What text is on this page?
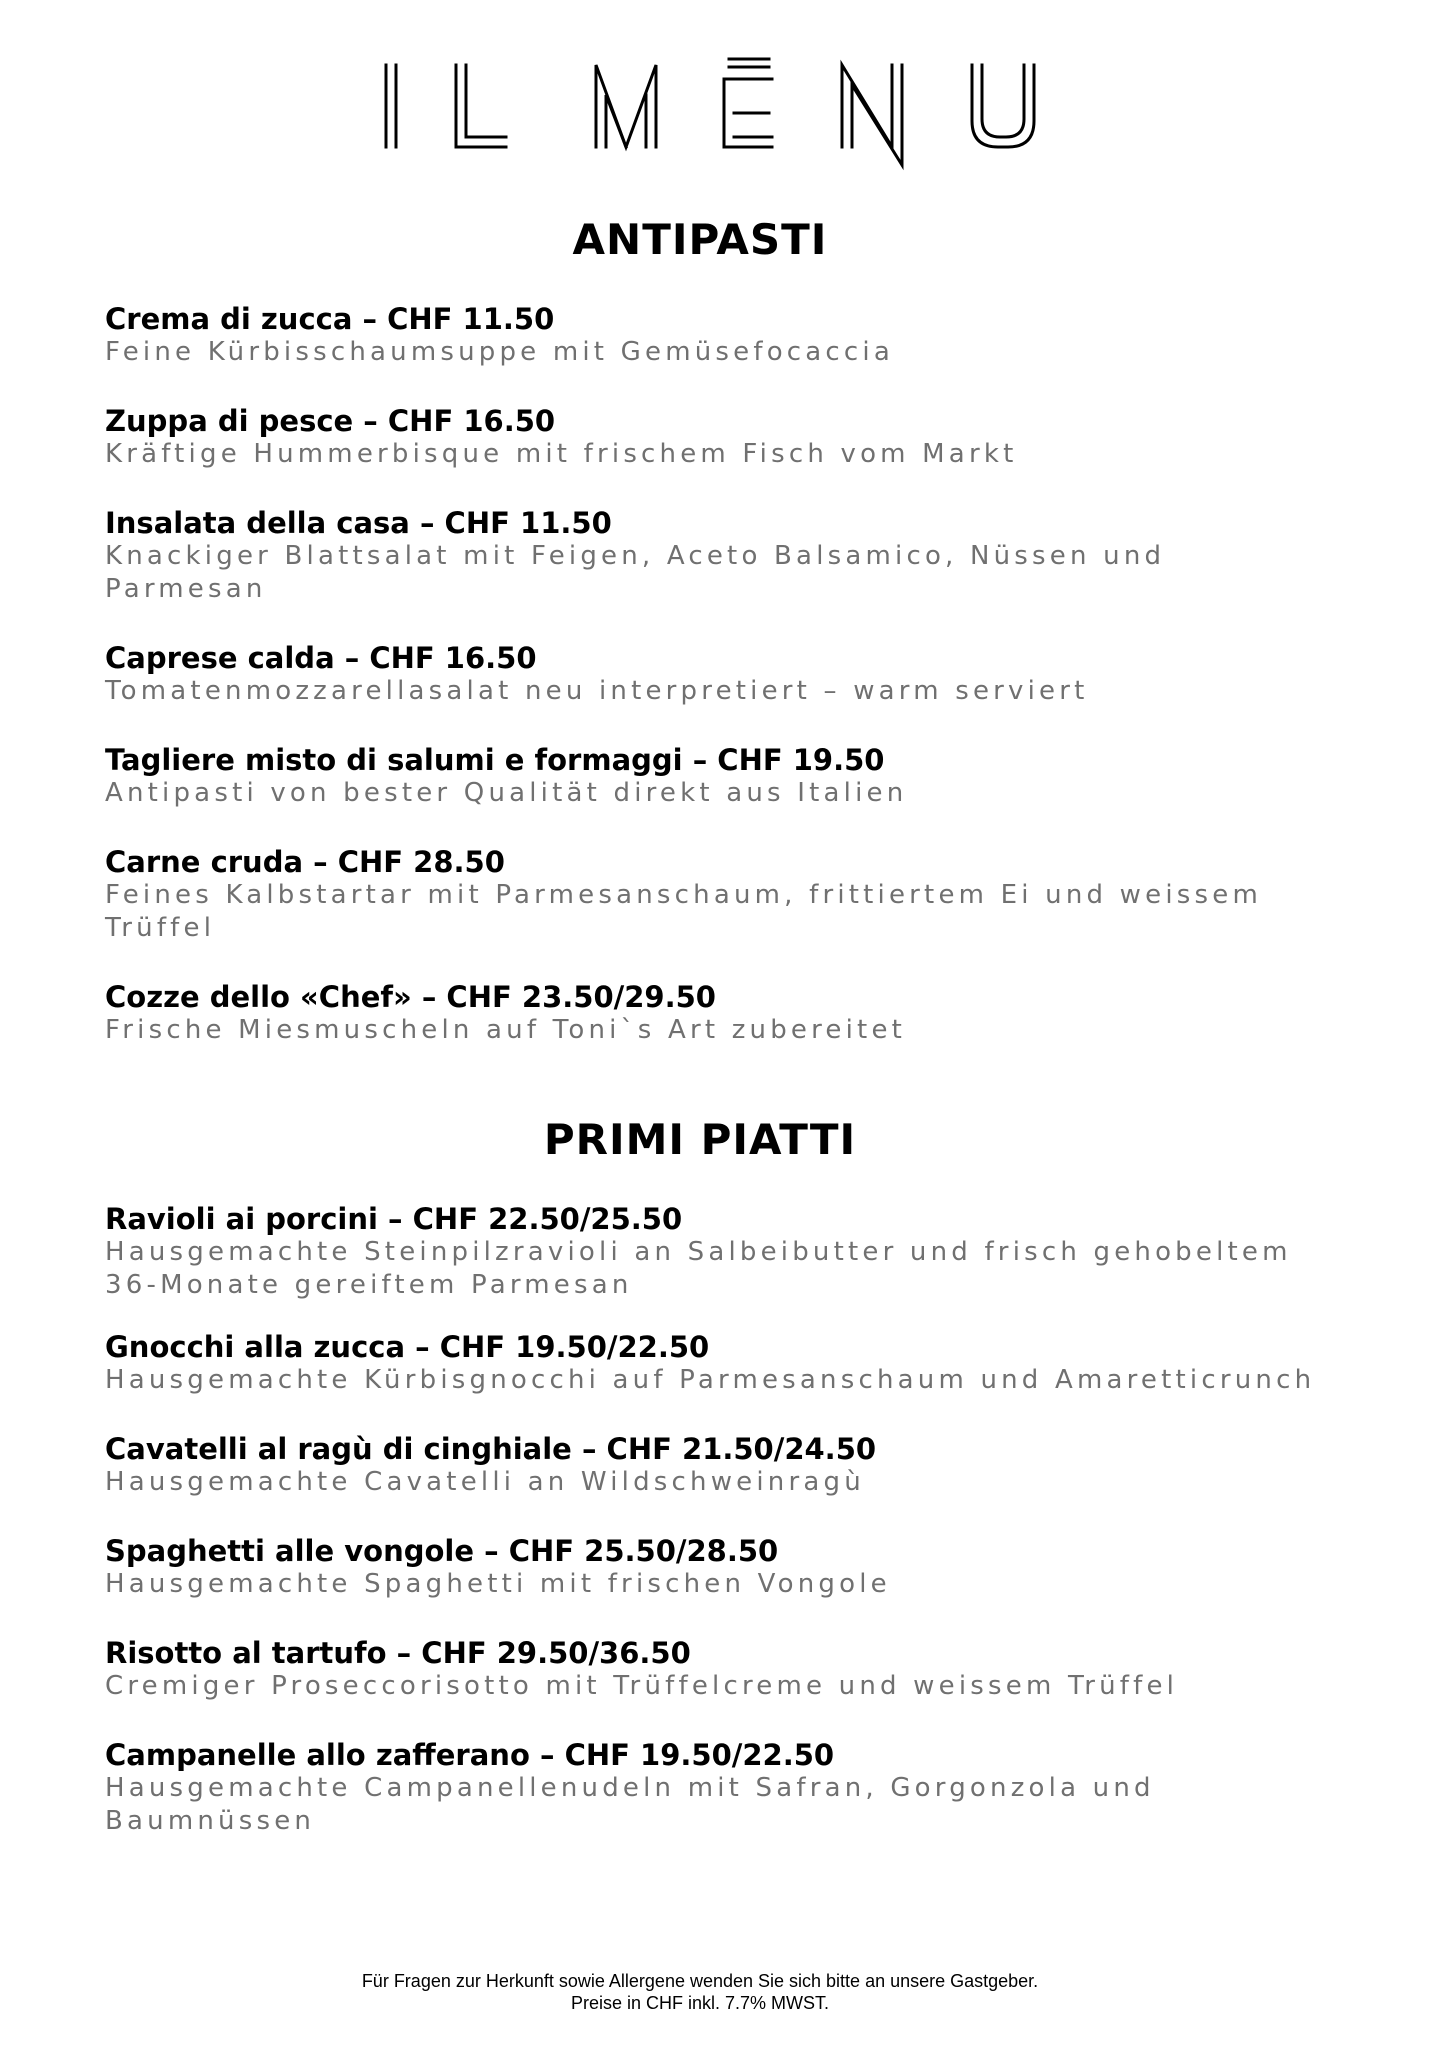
ANTIPASTI
Crema di zucca – CHF 11.50
Feine Kürbisschaumsuppe mit Gemüsefocaccia
Zuppa di pesce – CHF 16.50
Kräftige Hummerbisque mit frischem Fisch vom Markt
Insalata della casa – CHF 11.50
Knackiger Blattsalat mit Feigen, Aceto Balsamico, Nüssen und Parmesan
Caprese calda – CHF 16.50
Tomatenmozzarellasalat neu interpretiert – warm serviert
Tagliere misto di salumi e formaggi – CHF 19.50
Antipasti von bester Qualität direkt aus Italien
Carne cruda – CHF 28.50
Feines Kalbstartar mit Parmesanschaum, frittiertem Ei und weissem Trüffel
Cozze dello «Chef» – CHF 23.50/29.50
Frische Miesmuscheln auf Toni`s Art zubereitet
PRIMI PIATTI
Ravioli ai porcini – CHF 22.50/25.50
Hausgemachte Steinpilzravioli an Salbeibutter und frisch gehobeltem 36-Monate gereiftem Parmesan
Gnocchi alla zucca – CHF 19.50/22.50
Hausgemachte Kürbisgnocchi auf Parmesanschaum und Amaretticrunch
Cavatelli al ragù di cinghiale – CHF 21.50/24.50
Hausgemachte Cavatelli an Wildschweinragù
Spaghetti alle vongole – CHF 25.50/28.50
Hausgemachte Spaghetti mit frischen Vongole
Risotto al tartufo – CHF 29.50/36.50
Cremiger Proseccorisotto mit Trüffelcreme und weissem Trüffel
Campanelle allo zafferano – CHF 19.50/22.50
Hausgemachte Campanellenudeln mit Safran, Gorgonzola und Baumnüssen
Für Fragen zur Herkunft sowie Allergene wenden Sie sich bitte an unsere Gastgeber.
Preise in CHF inkl. 7.7% MWST.
